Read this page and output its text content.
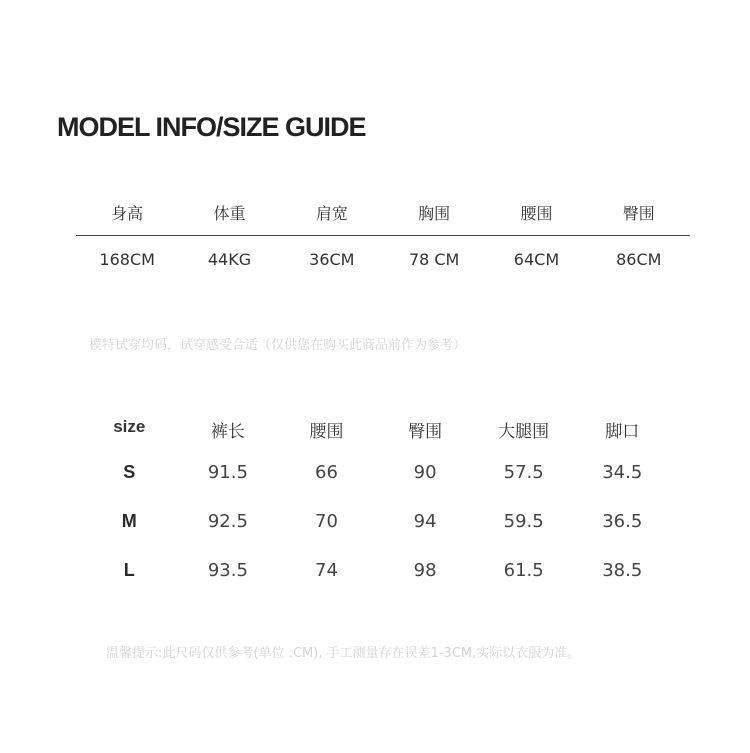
MODEL INFO/SIZE GUIDE
身高	体重	肩宽	胸围	腰围	臀围
168CM	44KG	36CM	78 CM	64CM	86CM
模特试穿均码，试穿感受合适（仅供您在购买此商品前作为参考）
size	裤长	腰围	臀围	大腿围	脚口
S	91.5	66	90	57.5	34.5
M	92.5	70	94	59.5	36.5
L	93.5	74	98	61.5	38.5
温馨提示:此尺码仅供参考(单位 :CM), 手工测量存在误差1-3CM,实际以衣服为准。
